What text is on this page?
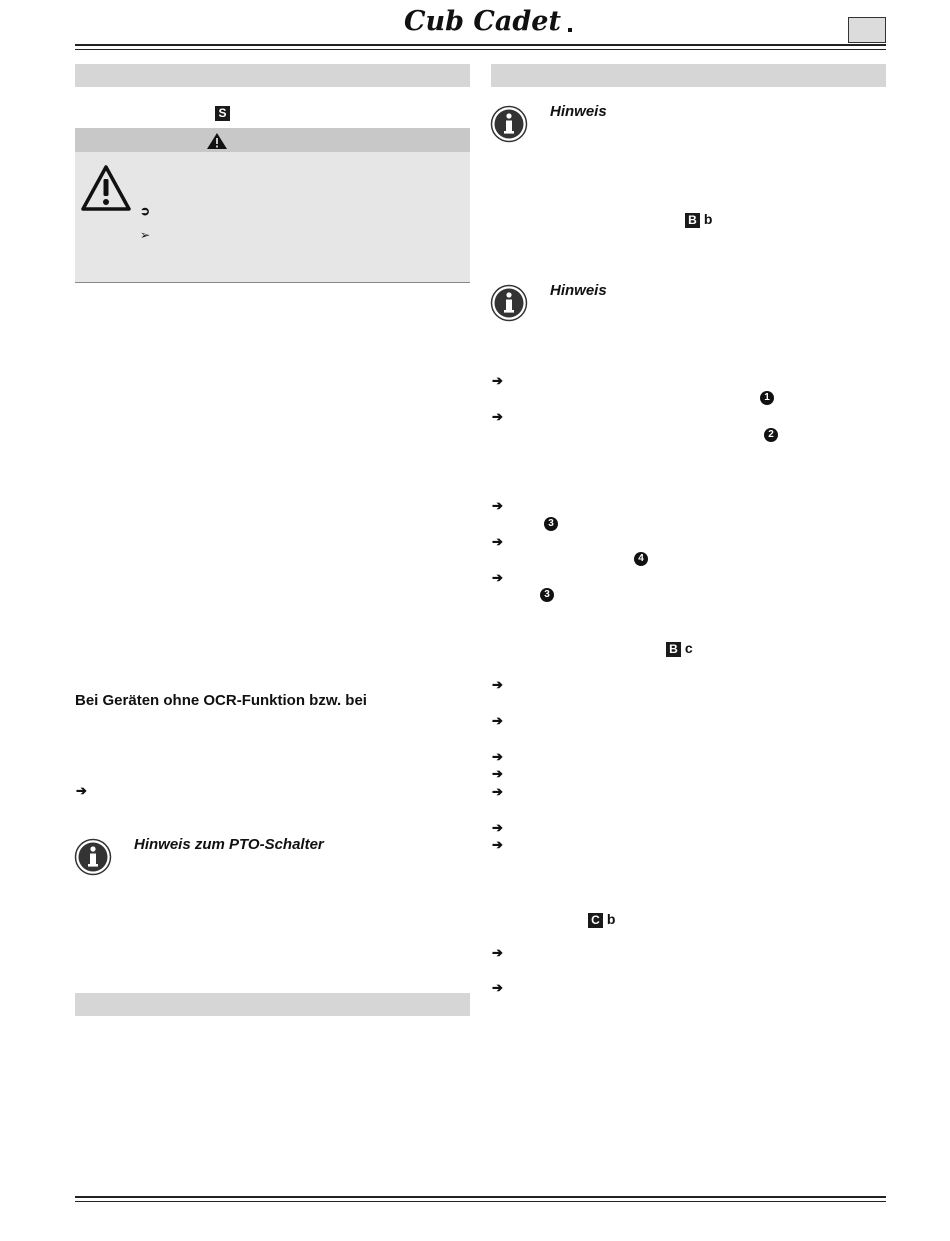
Cub Cadet
S
➲
➢
Bei Geräten ohne OCR-Funktion bzw. bei
➔
Hinweis zum PTO-Schalter
Hinweis
B b
Hinweis
➔
1
➔
2
➔
3
➔
4
➔
3
B c
➔
➔
➔
➔
➔
➔
➔
C b
➔
➔
